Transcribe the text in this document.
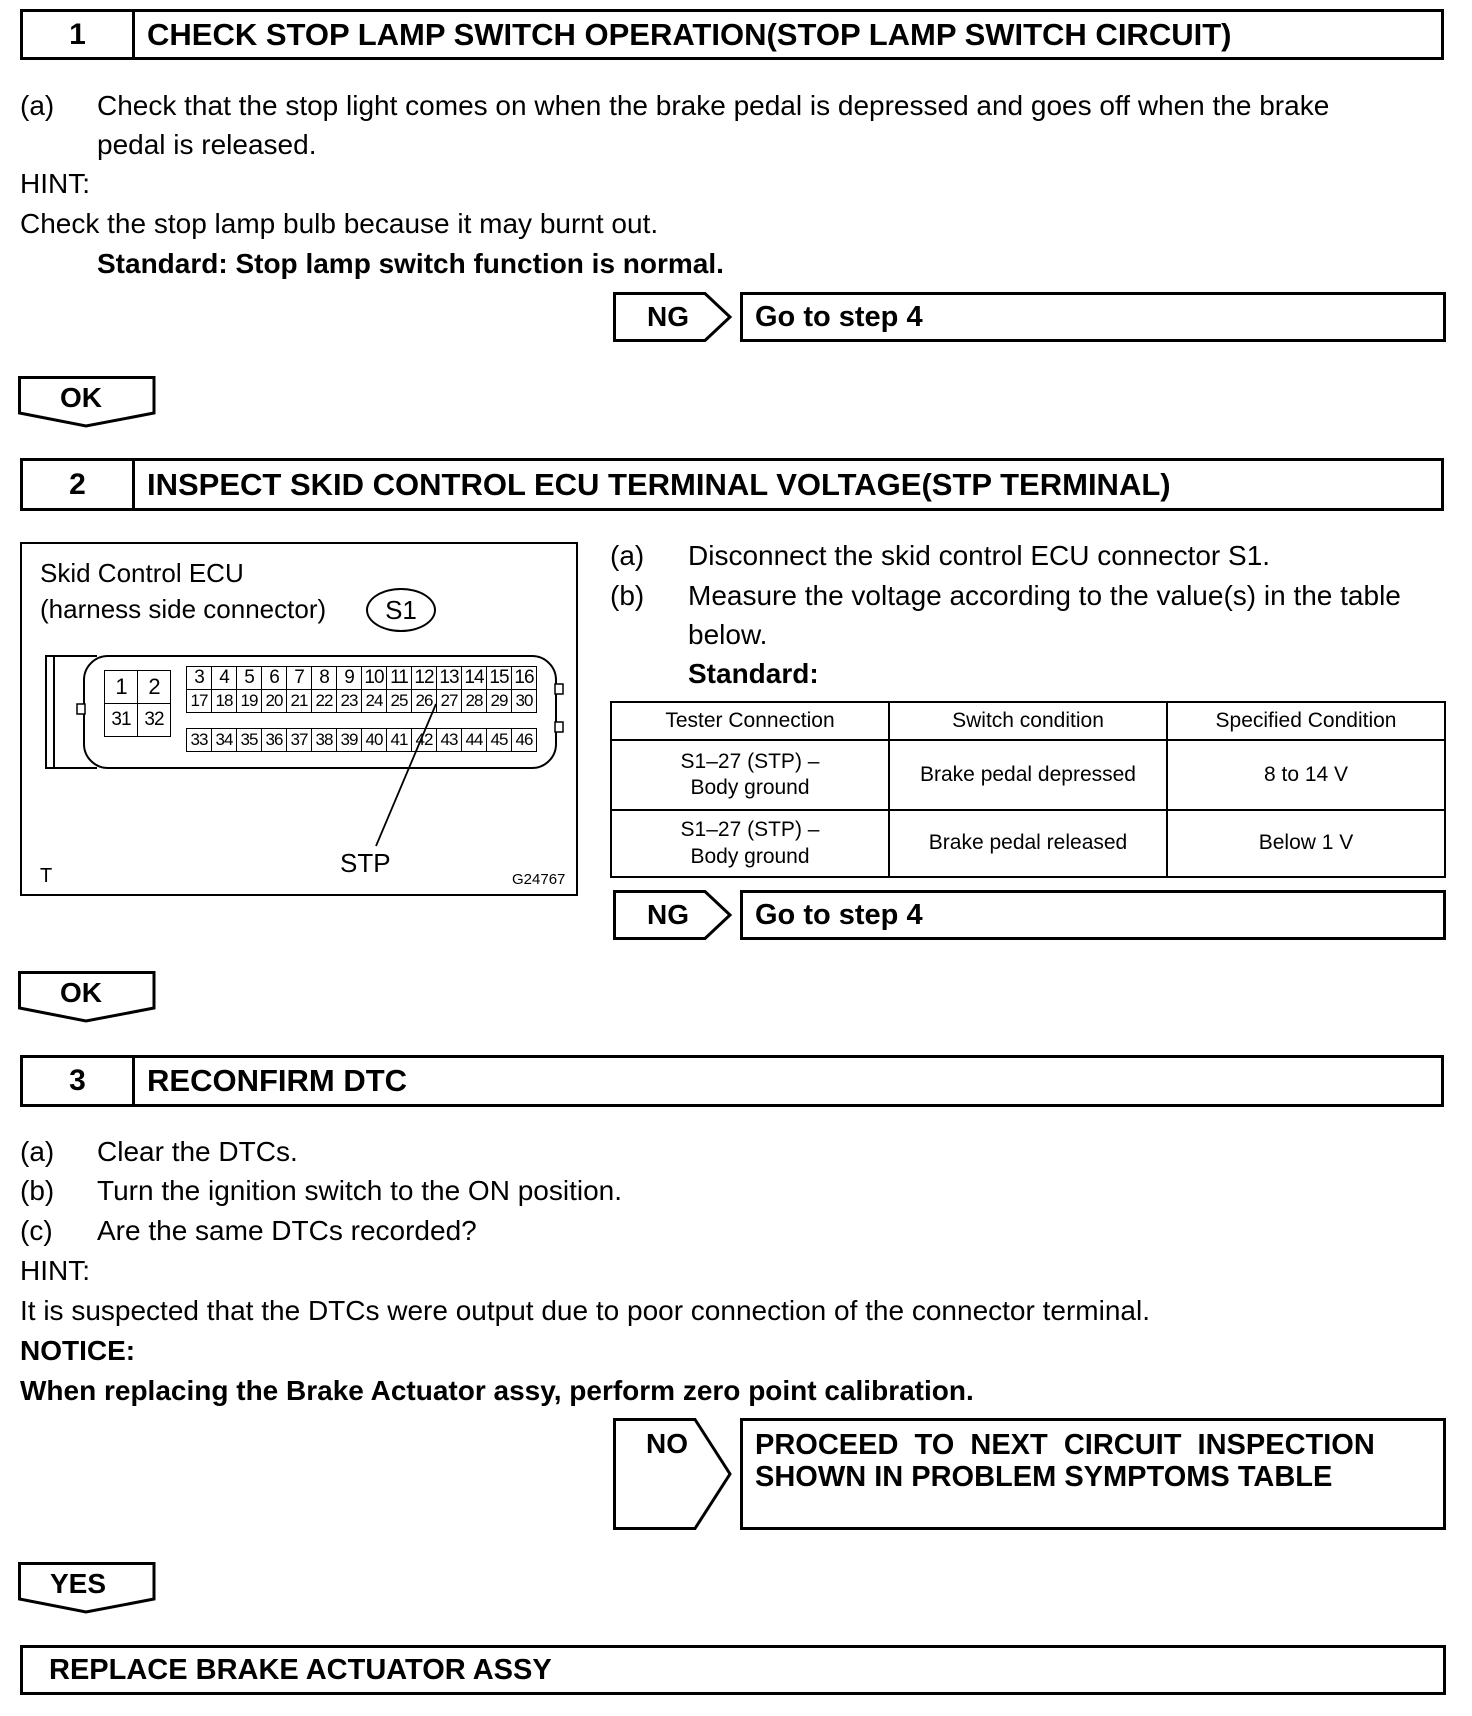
1	CHECK STOP LAMP SWITCH OPERATION(STOP LAMP SWITCH CIRCUIT)
(a) Check that the stop light comes on when the brake pedal is depressed and goes off when the brake
pedal is released.
HINT:
Check the stop lamp bulb because it may burnt out.
Standard: Stop lamp switch function is normal.
NG	Go to step 4
OK
2	INSPECT SKID CONTROL ECU TERMINAL VOLTAGE(STP TERMINAL)
Skid Control ECU
(harness side connector)	S1
1 2
31 32
3 4 5 6 7 8 9 10 11 12 13 14 15 16
17 18 19 20 21 22 23 24 25 26 27 28 29 30
33 34 35 36 37 38 39 40 41 42 43 44 45 46
STP
T	G24767
(a) Disconnect the skid control ECU connector S1.
(b) Measure the voltage according to the value(s) in the table
below.
Standard:
Tester Connection	Switch condition	Specified Condition

S1–27 (STP) –
Body ground	Brake pedal depressed	8 to 14 V

S1–27 (STP) –
Body ground	Brake pedal released	Below 1 V
NG	Go to step 4
OK
3	RECONFIRM DTC
(a) Clear the DTCs.
(b) Turn the ignition switch to the ON position.
(c) Are the same DTCs recorded?
HINT:
It is suspected that the DTCs were output due to poor connection of the connector terminal.
NOTICE:
When replacing the Brake Actuator assy, perform zero point calibration.
NO PROCEED  TO  NEXT  CIRCUIT  INSPECTION
SHOWN IN PROBLEM SYMPTOMS TABLE
YES
REPLACE BRAKE ACTUATOR ASSY
